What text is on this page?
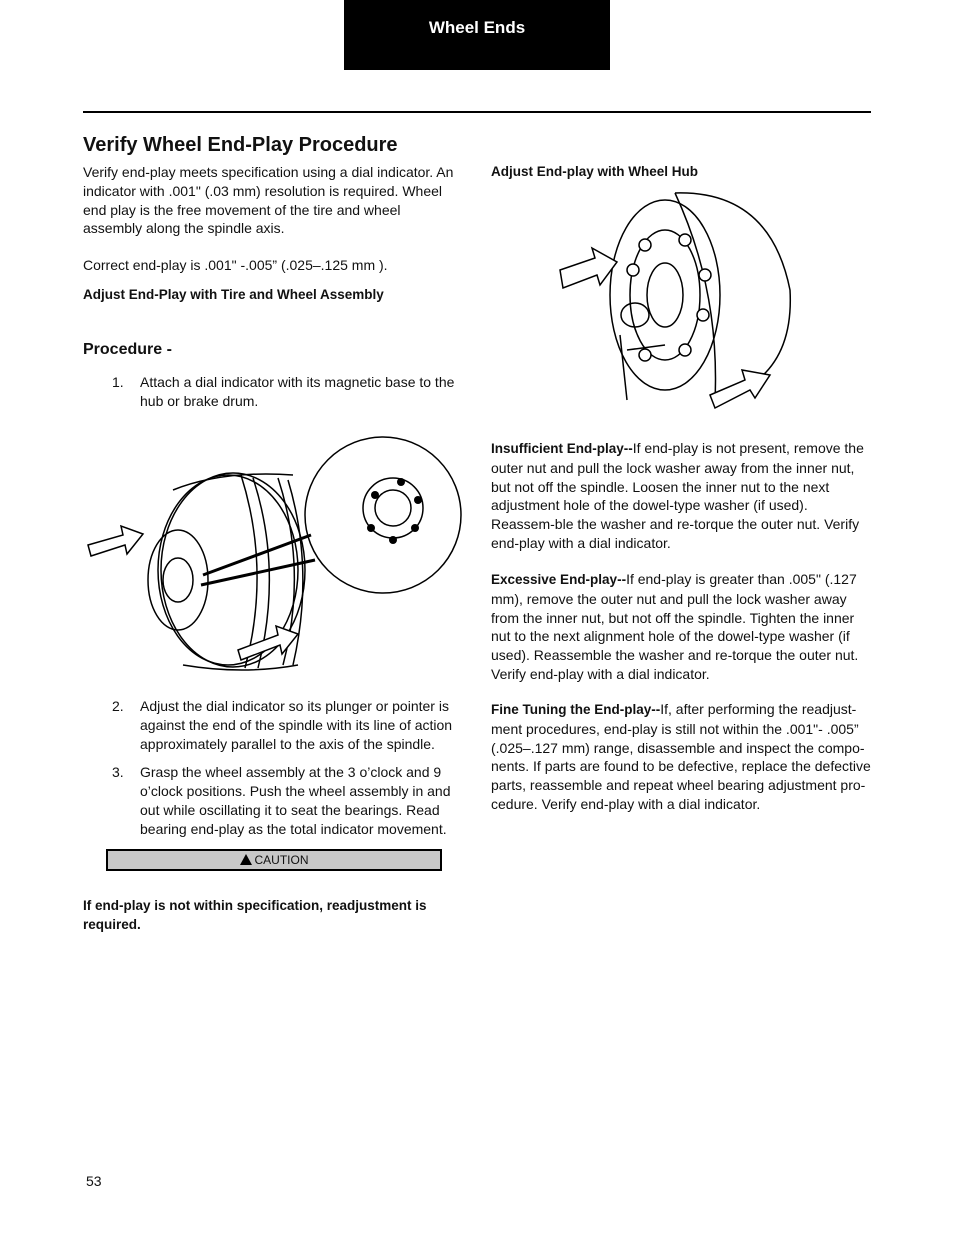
Wheel Ends
Verify Wheel End-Play Procedure

Verify end-play meets specification using a dial indicator. An indicator with .001" (.03 mm) resolution is required. Wheel end play is the free movement of the tire and wheel assembly along the spindle axis.

Correct end-play is .001" -.005” (.025–.125 mm ).

Adjust End-Play with Tire and Wheel Assembly

Procedure -

1. Attach a dial indicator with its magnetic base to the hub or brake drum.
2. Adjust the dial indicator so its plunger or pointer is against the end of the spindle with its line of action approximately parallel to the axis of the spindle.
3. Grasp the wheel assembly at the 3 o’clock and 9 o’clock positions. Push the wheel assembly in and out while oscillating it to seat the bearings. Read bearing end-play as the total indicator movement.
CAUTION

If end-play is not within specification, readjustment is required.

Adjust End-play with Wheel Hub

Insufficient End-play--If end-play is not present, remove the outer nut and pull the lock washer away from the inner nut, but not off the spindle. Loosen the inner nut to the next adjustment hole of the dowel-type washer (if used). Reassem-ble the washer and re-torque the outer nut. Verify end-play with a dial indicator.

Excessive End-play--If end-play is greater than .005" (.127 mm), remove the outer nut and pull the lock washer away from the inner nut, but not off the spindle. Tighten the inner nut to the next alignment hole of the dowel-type washer (if used). Reassemble the washer and re-torque the outer nut. Verify end-play with a dial indicator.

Fine Tuning the End-play--If, after performing the readjust-ment procedures, end-play is still not within the .001"- .005” (.025–.127 mm) range, disassemble and inspect the compo-nents. If parts are found to be defective, replace the defective parts, reassemble and repeat wheel bearing adjustment pro-cedure. Verify end-play with a dial indicator.

53
